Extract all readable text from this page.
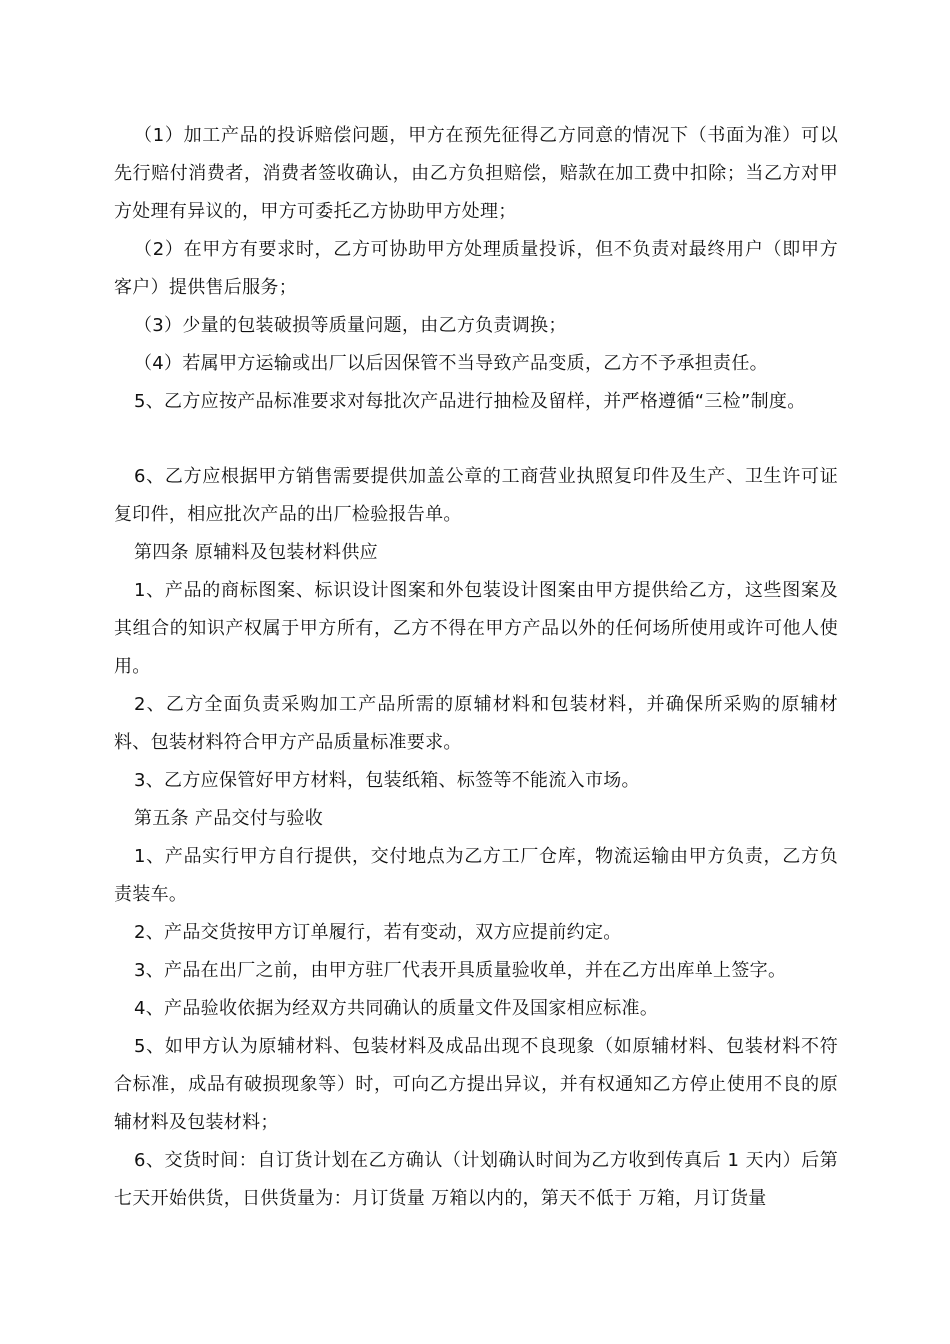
（1）加工产品的投诉赔偿问题，甲方在预先征得乙方同意的情况下（书面为准）可以先行赔付消费者，消费者签收确认，由乙方负担赔偿，赔款在加工费中扣除；当乙方对甲方处理有异议的，甲方可委托乙方协助甲方处理；

（2）在甲方有要求时，乙方可协助甲方处理质量投诉，但不负责对最终用户（即甲方客户）提供售后服务；

（3）少量的包装破损等质量问题，由乙方负责调换；

（4）若属甲方运输或出厂以后因保管不当导致产品变质，乙方不予承担责任。

5、乙方应按产品标准要求对每批次产品进行抽检及留样，并严格遵循“三检”制度。

6、乙方应根据甲方销售需要提供加盖公章的工商营业执照复印件及生产、卫生许可证复印件，相应批次产品的出厂检验报告单。

第四条 原辅料及包装材料供应

1、产品的商标图案、标识设计图案和外包装设计图案由甲方提供给乙方，这些图案及其组合的知识产权属于甲方所有，乙方不得在甲方产品以外的任何场所使用或许可他人使用。

2、乙方全面负责采购加工产品所需的原辅材料和包装材料，并确保所采购的原辅材料、包装材料符合甲方产品质量标准要求。

3、乙方应保管好甲方材料，包装纸箱、标签等不能流入市场。

第五条 产品交付与验收

1、产品实行甲方自行提供，交付地点为乙方工厂仓库，物流运输由甲方负责，乙方负责装车。

2、产品交货按甲方订单履行，若有变动，双方应提前约定。

3、产品在出厂之前，由甲方驻厂代表开具质量验收单，并在乙方出库单上签字。

4、产品验收依据为经双方共同确认的质量文件及国家相应标准。

5、如甲方认为原辅材料、包装材料及成品出现不良现象（如原辅材料、包装材料不符合标准，成品有破损现象等）时，可向乙方提出异议，并有权通知乙方停止使用不良的原辅材料及包装材料；

6、交货时间：自订货计划在乙方确认（计划确认时间为乙方收到传真后 1 天内）后第七天开始供货，日供货量为：月订货量 万箱以内的，第天不低于 万箱，月订货量
